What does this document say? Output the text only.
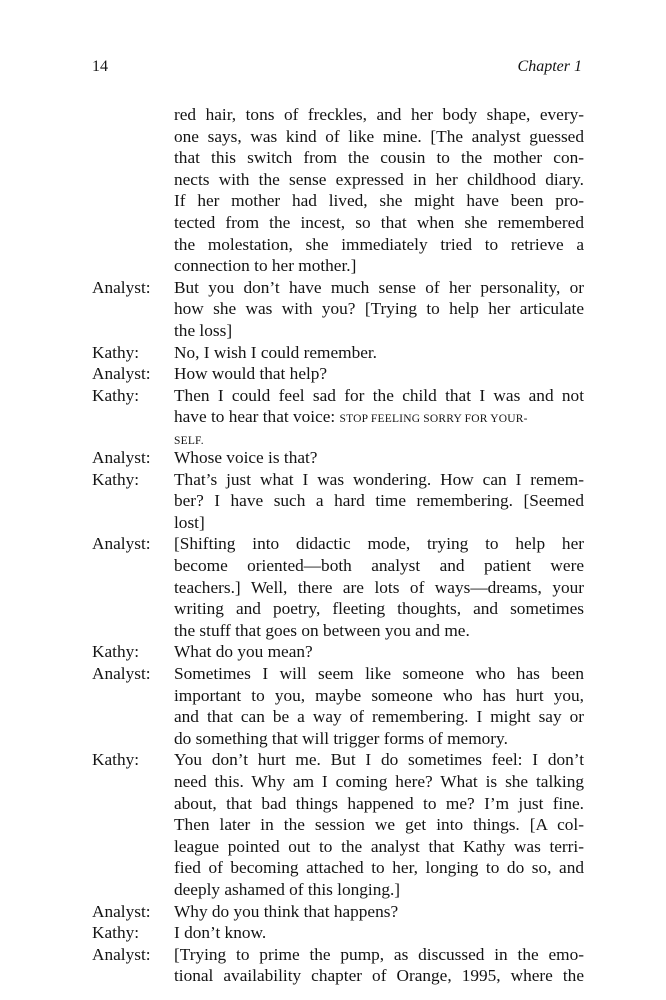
14	Chapter 1
red hair, tons of freckles, and her body shape, every-
one says, was kind of like mine. [The analyst guessed
that this switch from the cousin to the mother con-
nects with the sense expressed in her childhood diary.
If her mother had lived, she might have been pro-
tected from the incest, so that when she remembered
the molestation, she immediately tried to retrieve a
connection to her mother.]
Analyst:	But you don’t have much sense of her personality, or
how she was with you? [Trying to help her articulate
the loss]
Kathy:	No, I wish I could remember.
Analyst:	How would that help?
Kathy:	Then I could feel sad for the child that I was and not
have to hear that voice: STOP FEELING SORRY FOR YOUR-
SELF.
Analyst:	Whose voice is that?
Kathy:	That’s just what I was wondering. How can I remem-
ber? I have such a hard time remembering. [Seemed
lost]
Analyst:	[Shifting into didactic mode, trying to help her
become oriented—both analyst and patient were
teachers.] Well, there are lots of ways—dreams, your
writing and poetry, fleeting thoughts, and sometimes
the stuff that goes on between you and me.
Kathy:	What do you mean?
Analyst:	Sometimes I will seem like someone who has been
important to you, maybe someone who has hurt you,
and that can be a way of remembering. I might say or
do something that will trigger forms of memory.
Kathy:	You don’t hurt me. But I do sometimes feel: I don’t
need this. Why am I coming here? What is she talking
about, that bad things happened to me? I’m just fine.
Then later in the session we get into things. [A col-
league pointed out to the analyst that Kathy was terri-
fied of becoming attached to her, longing to do so, and
deeply ashamed of this longing.]
Analyst:	Why do you think that happens?
Kathy:	I don’t know.
Analyst:	[Trying to prime the pump, as discussed in the emo-
tional availability chapter of Orange, 1995, where the
